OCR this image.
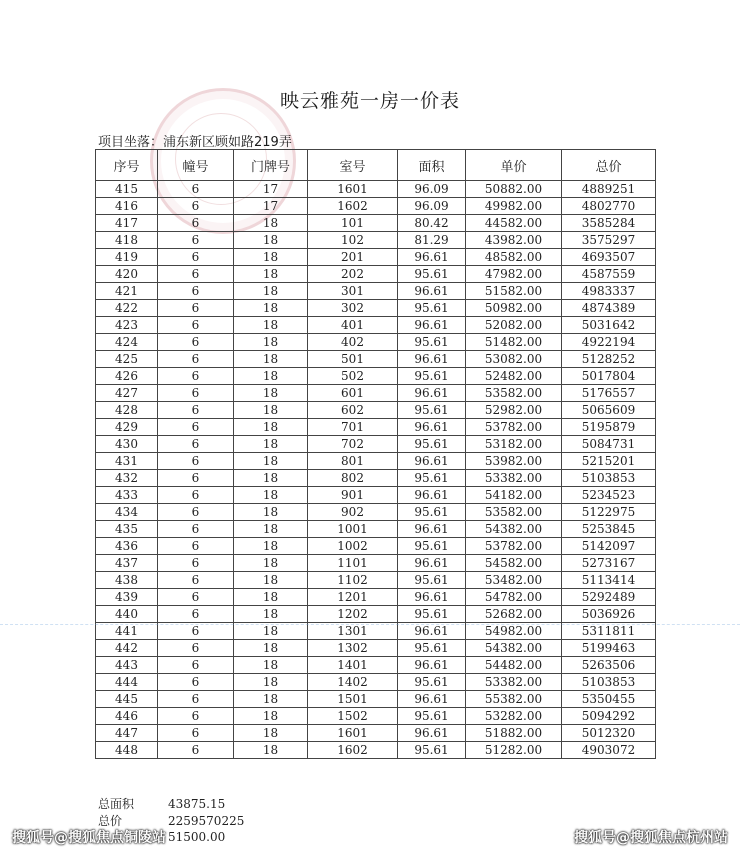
映云雅苑一房一价表
项目坐落：浦东新区顾如路219弄
序号	幢号	门牌号	室号	面积	单价	总价
415	6	17	1601	96.09	50882.00	4889251
416	6	17	1602	96.09	49982.00	4802770
417	6	18	101	80.42	44582.00	3585284
418	6	18	102	81.29	43982.00	3575297
419	6	18	201	96.61	48582.00	4693507
420	6	18	202	95.61	47982.00	4587559
421	6	18	301	96.61	51582.00	4983337
422	6	18	302	95.61	50982.00	4874389
423	6	18	401	96.61	52082.00	5031642
424	6	18	402	95.61	51482.00	4922194
425	6	18	501	96.61	53082.00	5128252
426	6	18	502	95.61	52482.00	5017804
427	6	18	601	96.61	53582.00	5176557
428	6	18	602	95.61	52982.00	5065609
429	6	18	701	96.61	53782.00	5195879
430	6	18	702	95.61	53182.00	5084731
431	6	18	801	96.61	53982.00	5215201
432	6	18	802	95.61	53382.00	5103853
433	6	18	901	96.61	54182.00	5234523
434	6	18	902	95.61	53582.00	5122975
435	6	18	1001	96.61	54382.00	5253845
436	6	18	1002	95.61	53782.00	5142097
437	6	18	1101	96.61	54582.00	5273167
438	6	18	1102	95.61	53482.00	5113414
439	6	18	1201	96.61	54782.00	5292489
440	6	18	1202	95.61	52682.00	5036926
441	6	18	1301	96.61	54982.00	5311811
442	6	18	1302	95.61	54382.00	5199463
443	6	18	1401	96.61	54482.00	5263506
444	6	18	1402	95.61	53382.00	5103853
445	6	18	1501	96.61	55382.00	5350455
446	6	18	1502	95.61	53282.00	5094292
447	6	18	1601	96.61	51882.00	5012320
448	6	18	1602	95.61	51282.00	4903072
总面积	43875.15
总价	2259570225
51500.00
搜狐号@搜狐焦点铜陵站	搜狐号@搜狐焦点杭州站
